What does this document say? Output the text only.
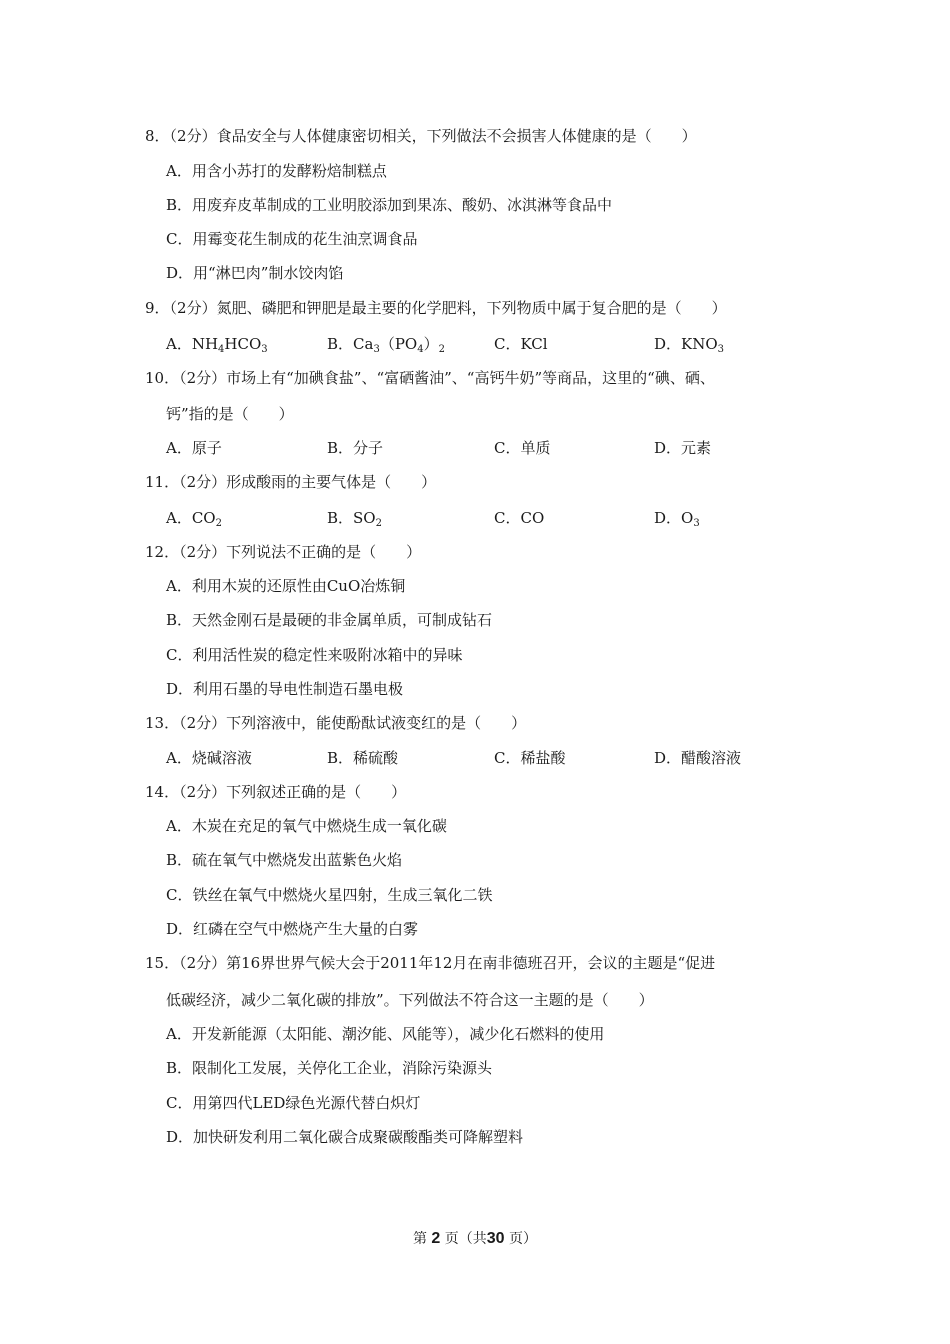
8．（2分）食品安全与人体健康密切相关，下列做法不会损害人体健康的是（　　）
A．用含小苏打的发酵粉焙制糕点
B．用废弃皮革制成的工业明胶添加到果冻、酸奶、冰淇淋等食品中
C．用霉变花生制成的花生油烹调食品
D．用“淋巴肉”制水饺肉馅
9．（2分）氮肥、磷肥和钾肥是最主要的化学肥料，下列物质中属于复合肥的是（　　）
A．$NH_4HCO_3$	B．$Ca_3(PO_4)_2$	C．KCl	D．$KNO_3$
10．（2分）市场上有“加碘食盐”、“富硒酱油”、“高钙牛奶”等商品，这里的“碘、硒、
钙”指的是（　　）
A．原子	B．分子	C．单质	D．元素
11．（2分）形成酸雨的主要气体是（　　）
A．$CO_2$	B．$SO_2$	C．CO	D．$O_3$
12．（2分）下列说法不正确的是（　　）
A．利用木炭的还原性由CuO冶炼铜
B．天然金刚石是最硬的非金属单质，可制成钻石
C．利用活性炭的稳定性来吸附冰箱中的异味
D．利用石墨的导电性制造石墨电极
13．（2分）下列溶液中，能使酚酞试液变红的是（　　）
A．烧碱溶液	B．稀硫酸	C．稀盐酸	D．醋酸溶液
14．（2分）下列叙述正确的是（　　）
A．木炭在充足的氧气中燃烧生成一氧化碳
B．硫在氧气中燃烧发出蓝紫色火焰
C．铁丝在氧气中燃烧火星四射，生成三氧化二铁
D．红磷在空气中燃烧产生大量的白雾
15．（2分）第16界世界气候大会于2011年12月在南非德班召开，会议的主题是“促进
低碳经济，减少二氧化碳的排放”。下列做法不符合这一主题的是（　　）
A．开发新能源（太阳能、潮汐能、风能等），减少化石燃料的使用
B．限制化工发展，关停化工企业，消除污染源头
C．用第四代LED绿色光源代替白炽灯
D．加快研发利用二氧化碳合成聚碳酸酯类可降解塑料
第 2 页（共30 页）
